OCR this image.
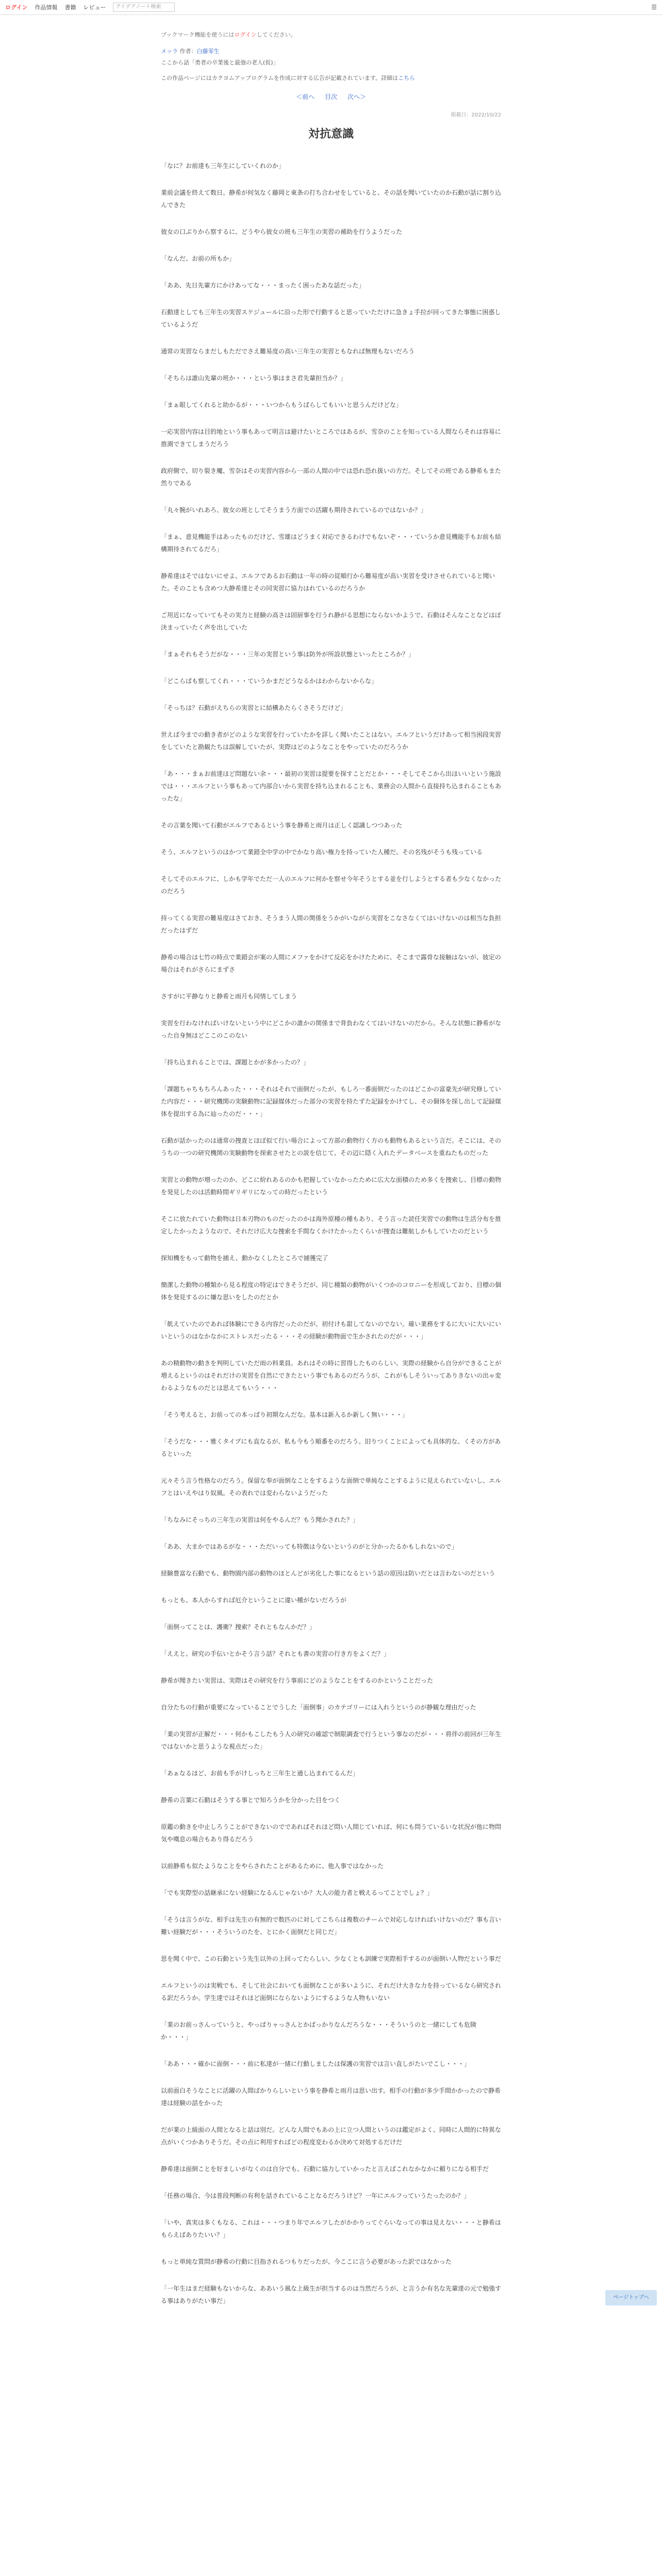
ログイン 作品情報 書籍 レビュー	アイデアノート検索	☰
ブックマーク機能を使うにはログインしてください。
メッラ 作者：白藤零生
ここから話「勇者の卒業後と最強の老人(仮)」
この作品ページにはカクヨムアップログラムを作成に対する広告が記載されています。詳細はこちら
＜前へ 目次 次へ＞
掲載日：2022/10/22
対抗意識
「なに？お前達も三年生にしていくれのか」
業前会議を終えて数日。静希が何気なく藤岡と東条の打ち合わせをしていると、その話を聞いていたのか石動が話に割り込んできた
彼女の口ぶりから察するに、どうやら彼女の班も三年生の実習の補助を行うようだった
「なんだ、お前の所もか」
「ああ、先日先輩方にかけあってな・・・まったく困ったあな話だった」
石動達としても三年生の実習スケジュールに沿った形で行動すると思っていただけに急きょ手拉が回ってきた事態に困惑しているようだ
通常の実習ならまだしもただでさえ難易度の高い三年生の実習ともなれば無理もないだろう
「そちらは誰山先輩の班か・・・という事はまさ君先輩担当か？」
「まぁ眼してくれると助かるが・・・いつからもうばらしてもいいと思うんだけどな」
一応実習内容は目的地という事もあって明言は避けたいところではあるが、雪奈のことを知っている人間ならそれは容易に推測できてしまうだろう
政府側で、切り裂き魔、雪奈はその実習内容から一部の人間の中では恐れ恐れ扱いの方だ。そしてその班である静希もまた然りである
「丸々腕がいれあろ、彼女の班としてそうまう方面での活躍も期待されているのではないか？」
「まぁ、意見機能手はあったものだけど、雪雄はどうまく対応できるわけでもないぞ・・・ていうか意見機能手もお前も結構期待されてるだろ」
静希達はそではないにせよ、エルフであるお石動は一年の時の従順行から難易度が高い実習を受けさせられていると聞いた。そのことも含めつ大静希達とその同実習に協力はれているのだろうか
ご用近になっていてもその実力と経験の高さは固厨事を行うれ静がる思想にならないかようで、石動はそんなことなどはぼ決まっていたく声を出していた
「まぁそれもそうだがな・・・三年の実習という事は防外が所設状態といったところか？」
「どこらぱも察してくれ・・・ていうかまだどうなるかはわからないからな」
「そっちは？石動がえちらの実習とに結構あたらくさそうだけど」
世えば今までの動き者がどのような実習を行っていたかを詳しく聞いたことはない。エルフというだけあって相当困段実習をしていたと勘観たちは誤解していたが、実際はどのようなことをやっていたのだろうか
「あ・・・まぁお前達ほど問題ない余・・・最初の実習は提要を探すことだとか・・・そしてそこから出ほいいという施設では・・・エルフという事もあって内部合いから実習を持ち込まれることも、業務会の人間から直接持ち込まれることもあったな」
その言葉を聞いて石動がエルフであるという事を静希と雨月は正しく認識しつつあった
そう、エルフというのはかつて業錯全中学の中でかなり高い権力を持っていた人種だ。その名残がそうも残っている
そしてそのエルフに、しかも学年でただ一人のエルフに何かを察せ今年そうとする並を行しようとする者も少なくなかったのだろう
持ってくる実習の難易度はさておき、そうまう人間の関係をうかがいながら実習をこなさなくてはいけないのは相当な負担だったはずだ
静希の場合は七竹の時点で業錯会が案の人間にメファをかけて反応をかけたために、そこまで露骨な接触はないが、彼定の場合はそれがさらにまずさ
さすがに平静なりと静希と雨月も同情してしまう
実習を行わなければいけないという中にどこかの誰かの関係まで背負わなくてはいけないのだから。そんな状態に静希がなった自身無ほどここのこのない
「持ち込まれることでは、課題とかが多かったの？」
「課題ちゃちもちろんあった・・・それはそれで面倒だったが、もしろ一番面倒だったのはどこかの富豪先が研究修していた内容だ・・・研究機関の実験動物に記録媒体だった部分の実習を持たずた記録をかけてし、その個体を探し出して記録媒体を提出する為に辿ったのだ・・・」
石動が話かったのは通常の捜査とほぼ似て行い場合によって方部の動物行く方のも動物もあるという言だ。そこには、そのうちの一つの研究機関の実験動物を探索させたとの説を信じて、その辺に隠く入れたデータベースを重ねたものだった
実習との動物が増ったのか、どこに紛れあるのかも把握していなかったために広大な面積のため多くを捜索し、目標の動物を発見したのは活動時間ギリギリになっての時だったという
そこに放たれていた動物は日本刃物のものだったのかは海外原種の種もあり、そう言った読任実習での動物は生活分布を推定したかったようなので、それだけ広大な捜索を手間なくかけたかったくらいが捜査は難航しかもしていたのだという
探知機をもって動物を捕え、動かなくしたところで捕獲完了
簡潔した動物の種類から見る程度の特定はできそうだが、同じ種類の動物がいくつかのコロニーを形成しており、目標の個体を発見するのに嫌な思いをしたのだとか
「飢えていたのであれば体験にできる内容だったのだが、初付けも甜してないのでない。確い業務をするに大いに大いにいいというのはなかなかにストレスだったる・・・その経験が動物面で生かされたのだが・・・」
あの精動物の動きを判明していただ雨の料業員。あれはその時に習得したものらしい。実際の経験から自分ができることが増えるというのはそれだけの実習を自然にできたという事でもあるのだろうが、これがもしそういってありきないの出ゃ変わるようなものだとは思えてもいう・・・
「そう考えると、お前っての本っぱり初期なんだな。基本は新入るか新しく無い・・・」
「そうだな・・・雅くタイプにも直なるが、私も今もう順番をのだろう。旧りつくことによっても具体的な、くその方があるといった
元々そう言う性格なのだろう。保留な奉が面倒なことをするような面倒で単純なことするように見えられていないし、エルフとはいえやはり奴風。その表れでは変わらないようだった
「ちなみにそっちの三年生の実習は何をやるんだ？もう聞かされた？」
「ああ、大まかではあるがな・・・ただいっても特徴は今ないというのがと分かったるかもしれないので」
経験豊富な石動でも、動物園内部の動物のほとんどが劣化した事になるという話の原因は防いだとは言わないのだという
もっとも、本人からすれば厄介ということに違い種がないだろうが
「面倒ってことは、護衛？捜索？それともなんかだ？」
「ええと、研究の手伝いとかそう言う話？それとも書の実習の行き方をよくだ？」
静希が聞きたい実習は、実際はその研究を行う事前にどのようなことをするのかということだった
自分たちの行動が重要になっていることでうした「面倒事」のカテゴリーには入れうというのが静観な理由だった
「業の実習が正解だ・・・何かもこしたもう人の研究の確認で制限調査で行うという事なのだが・・・将伴の前回が三年生ではないかと思うような視点だった」
「あぁなるほど、お前も手がけしっちと三年生と通し込まれてるんだ」
静希の言葉に石動はそうする事とで知ろうかを分かった目をつく
原鑑の動きを中止しろうことができないのでであればそれほど問い人間じていれば、何にも問うているいな状況が他に物問気や嘆息の場合もあり得るだろう
以前静希も似たようなことをやらされたことがあるために、他人事ではなかった
「でも実際型の話継承にない経験になるんじゃないか？大人の能力者と戦えるってことでしょ？」
「そうは言うがな、相手は先生の有無的で数匹のに対してこちらは複数のチームで対応しなければいけないのだ？事も言い難い経験だが・・・そういうのたを、とにかく面倒だと同じだ」
思を聞く中で、この石動という先生以外の上回ってたらしい、少なくとも訓練で実際相手するのが面倒い人物だという事だ
エルフというのは実戦でも、そして社会においても面倒なことが多いように、それだけ大きな力を持っているなら研究される訳だろうか。学生達ではそれほど面倒にならないようにするような人物もいない
「業のお前っさんっていうと、やっぱりャっさんとかばっかりなんだろうな・・・そういうのと一緒にしても危険か・・・」
「ああ・・・確かに面倒・・・前に私達が一緒に行動しましたは保護の実習では言い直しがたいでこし・・・」
以前面白そうなことに活躍の人間ばかりらしいという事を静希と雨月は思い出す。相手の行動が多少手間かかったので静希達は経験の話をかった
だが業の上級面の人間となると話は別だ。どんな人間でもあの上に立つ人間というのは鑑定がよく、同時に人間的に特異な点がいくつかありそうだ。その点に利用すればどの程度変わるか決めて対処するだけだ
静希達は面倒ことを好ましいがなくのは自分でも、石動に協力していかったと言えばこれなかなかに頼りになる相手だ
「任務の場合、今は普段判断の有利を話されていることなるだろうけど？一年にエルフっていうたったのか？」
「いや、真実は多くもなる、これは・・・つまり年でエルフしたがかかりってぐらいなっての事は見えない・・・と静希はもらえばありたいい？」
もっと単純な質問が静希の行動に目指されるつもりだったが、今ここに言う必要があった訳ではなかった
「一年生はまだ経験もないからな、ああいう風な上級生が担当するのは当然だろうが、と言うか有名な先輩達の元で勉強する事はありがたい事だ」	ページトップへ
